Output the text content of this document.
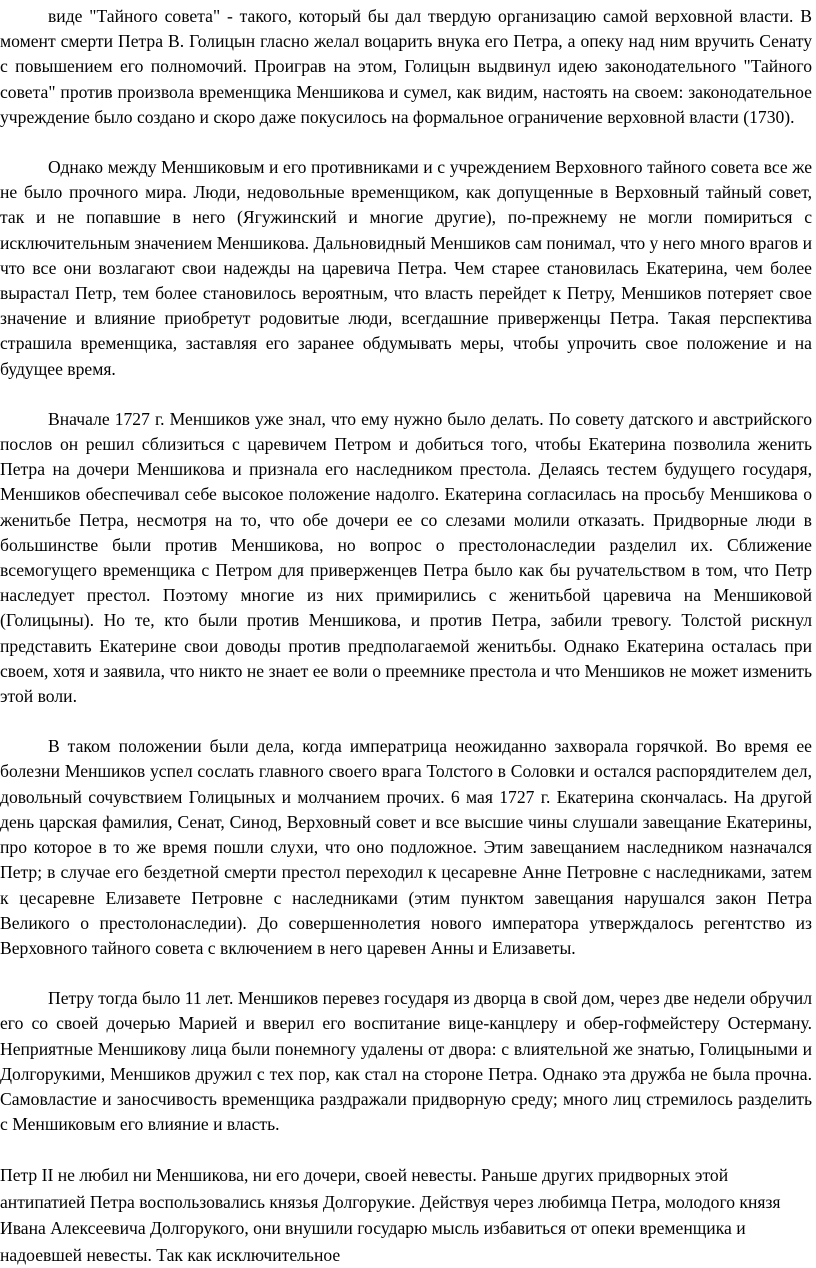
виде "Тайного совета" - такого, который бы дал твердую организацию самой верховной власти. В момент смерти Петра В. Голицын гласно желал воцарить внука его Петра, а опеку над ним вручить Сенату с повышением его полномочий. Проиграв на этом, Голицын выдвинул идею законодательного "Тайного совета" против произвола временщика Меншикова и сумел, как видим, настоять на своем: законодательное учреждение было создано и скоро даже покусилось на формальное ограничение верховной власти (1730).

Однако между Меншиковым и его противниками и с учреждением Верховного тайного совета все же не было прочного мира. Люди, недовольные временщиком, как допущенные в Верховный тайный совет, так и не попавшие в него (Ягужинский и многие другие), по-прежнему не могли помириться с исключительным значением Меншикова. Дальновидный Меншиков сам понимал, что у него много врагов и что все они возлагают свои надежды на царевича Петра. Чем старее становилась Екатерина, чем более вырастал Петр, тем более становилось вероятным, что власть перейдет к Петру, Меншиков потеряет свое значение и влияние приобретут родовитые люди, всегдашние приверженцы Петра. Такая перспектива страшила временщика, заставляя его заранее обдумывать меры, чтобы упрочить свое положение и на будущее время.

Вначале 1727 г. Меншиков уже знал, что ему нужно было делать. По совету датского и австрийского послов он решил сблизиться с царевичем Петром и добиться того, чтобы Екатерина позволила женить Петра на дочери Меншикова и признала его наследником престола. Делаясь тестем будущего государя, Меншиков обеспечивал себе высокое положение надолго. Екатерина согласилась на просьбу Меншикова о женитьбе Петра, несмотря на то, что обе дочери ее со слезами молили отказать. Придворные люди в большинстве были против Меншикова, но вопрос о престолонаследии разделил их. Сближение всемогущего временщика с Петром для приверженцев Петра было как бы ручательством в том, что Петр наследует престол. Поэтому многие из них примирились с женитьбой царевича на Меншиковой (Голицыны). Но те, кто были против Меншикова, и против Петра, забили тревогу. Толстой рискнул представить Екатерине свои доводы против предполагаемой женитьбы. Однако Екатерина осталась при своем, хотя и заявила, что никто не знает ее воли о преемнике престола и что Меншиков не может изменить этой воли.

В таком положении были дела, когда императрица неожиданно захворала горячкой. Во время ее болезни Меншиков успел сослать главного своего врага Толстого в Соловки и остался распорядителем дел, довольный сочувствием Голицыных и молчанием прочих. 6 мая 1727 г. Екатерина скончалась. На другой день царская фамилия, Сенат, Синод, Верховный совет и все высшие чины слушали завещание Екатерины, про которое в то же время пошли слухи, что оно подложное. Этим завещанием наследником назначался Петр; в случае его бездетной смерти престол переходил к цесаревне Анне Петровне с наследниками, затем к цесаревне Елизавете Петровне с наследниками (этим пунктом завещания нарушался закон Петра Великого о престолонаследии). До совершеннолетия нового императора утверждалось регентство из Верховного тайного совета с включением в него царевен Анны и Елизаветы.

Петру тогда было 11 лет. Меншиков перевез государя из дворца в свой дом, через две недели обручил его со своей дочерью Марией и вверил его воспитание вице-канцлеру и обер-гофмейстеру Остерману. Неприятные Меншикову лица были понемногу удалены от двора: с влиятельной же знатью, Голицыными и Долгорукими, Меншиков дружил с тех пор, как стал на стороне Петра. Однако эта дружба не была прочна. Самовластие и заносчивость временщика раздражали придворную среду; много лиц стремилось разделить с Меншиковым его влияние и власть.

Петр II не любил ни Меншикова, ни его дочери, своей невесты. Раньше других придворных этой антипатией Петра воспользовались князья Долгорукие. Действуя через любимца Петра, молодого князя Ивана Алексеевича Долгорукого, они внушили государю мысль избавиться от опеки временщика и надоевшей невесты. Так как исключительное
